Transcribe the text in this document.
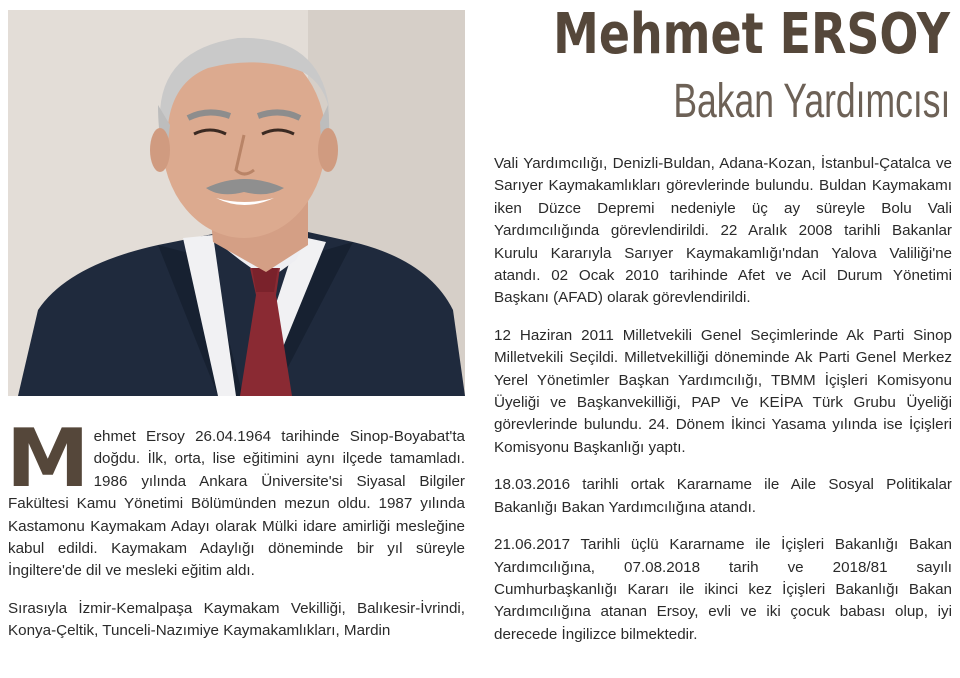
Mehmet ERSOY
Bakan Yardımcısı

Mehmet Ersoy 26.04.1964 tarihinde Sinop-Boyabat'ta doğdu. İlk, orta, lise eğitimini aynı ilçede tamamladı. 1986 yılında Ankara Üniversite'si Siyasal Bilgiler Fakültesi Kamu Yönetimi Bölümünden mezun oldu. 1987 yılında Kastamonu Kaymakam Adayı olarak Mülki idare amirliği mesleğine kabul edildi. Kaymakam Adaylığı döneminde bir yıl süreyle İngiltere'de dil ve mesleki eğitim aldı.

Sırasıyla İzmir-Kemalpaşa Kaymakam Vekilliği, Balıkesir-İvrindi, Konya-Çeltik, Tunceli-Nazımiye Kaymakamlıkları, Mardin

Vali Yardımcılığı, Denizli-Buldan, Adana-Kozan, İstanbul-Çatalca ve Sarıyer Kaymakamlıkları görevlerinde bulundu. Buldan Kaymakamı iken Düzce Depremi nedeniyle üç ay süreyle Bolu Vali Yardımcılığında görevlendirildi. 22 Aralık 2008 tarihli Bakanlar Kurulu Kararıyla Sarıyer Kaymakamlığı'ndan Yalova Valiliği'ne atandı. 02 Ocak 2010 tarihinde Afet ve Acil Durum Yönetimi Başkanı (AFAD) olarak görevlendirildi.

12 Haziran 2011 Milletvekili Genel Seçimlerinde Ak Parti Sinop Milletvekili Seçildi. Milletvekilliği döneminde Ak Parti Genel Merkez Yerel Yönetimler Başkan Yardımcılığı, TBMM İçişleri Komisyonu Üyeliği ve Başkanvekilliği, PAP Ve KEİPA Türk Grubu Üyeliği görevlerinde bulundu. 24. Dönem İkinci Yasama yılında ise İçişleri Komisyonu Başkanlığı yaptı.

18.03.2016 tarihli ortak Kararname ile Aile Sosyal Politikalar Bakanlığı Bakan Yardımcılığına atandı.

21.06.2017 Tarihli üçlü Kararname ile İçişleri Bakanlığı Bakan Yardımcılığına, 07.08.2018 tarih ve 2018/81 sayılı Cumhurbaşkanlığı Kararı ile ikinci kez İçişleri Bakanlığı Bakan Yardımcılığına atanan Ersoy, evli ve iki çocuk babası olup, iyi derecede İngilizce bilmektedir.
